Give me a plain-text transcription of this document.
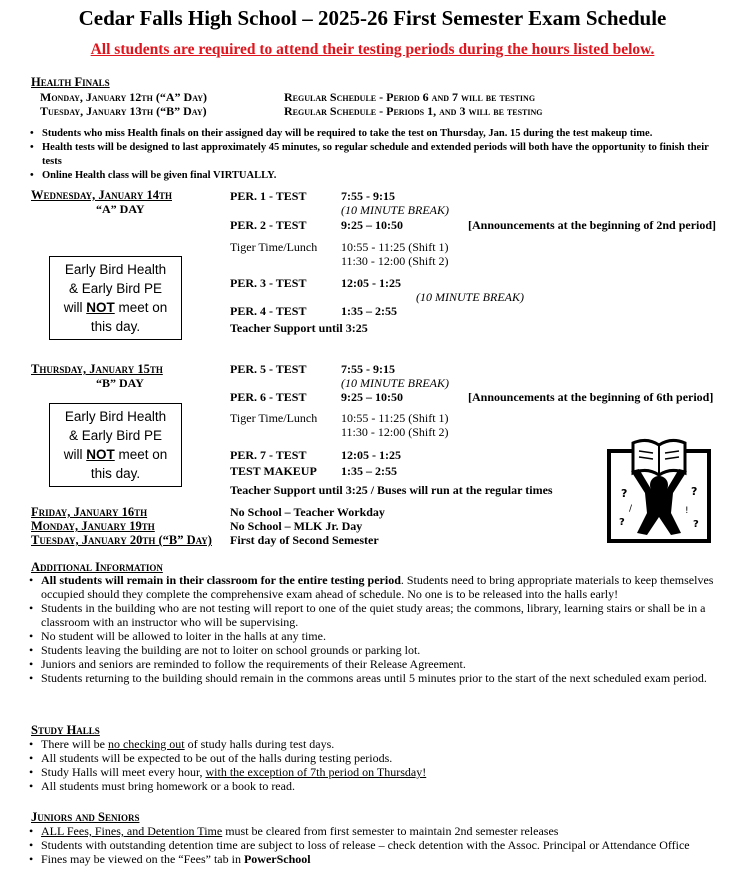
Cedar Falls High School – 2025-26 First Semester Exam Schedule
All students are required to attend their testing periods during the hours listed below.
Health Finals
Monday, January 12th (“A” Day)	Regular Schedule - Period 6 and 7 will be testing
Tuesday, January 13th (“B” Day)	Regular Schedule - Periods 1, and 3 will be testing
• Students who miss Health finals on their assigned day will be required to take the test on Thursday, Jan. 15 during the test makeup time.
• Health tests will be designed to last approximately 45 minutes, so regular schedule and extended periods will both have the opportunity to finish their tests
• Online Health class will be given final VIRTUALLY.
Wednesday, January 14th
“A” DAY
Early Bird Health
& Early Bird PE
will NOT meet on
this day.
PER. 1 - TEST	7:55 - 9:15
(10 MINUTE BREAK)
PER. 2 - TEST	9:25 – 10:50	[Announcements at the beginning of 2nd period]
Tiger Time/Lunch 10:55 - 11:25 (Shift 1)
11:30 - 12:00 (Shift 2)
PER. 3 - TEST	12:05 - 1:25
(10 MINUTE BREAK)
PER. 4 - TEST	1:35 – 2:55
Teacher Support until 3:25
Thursday, January 15th
“B” DAY
Early Bird Health
& Early Bird PE
will NOT meet on
this day.
PER. 5 - TEST	7:55 - 9:15
(10 MINUTE BREAK)
PER. 6 - TEST	9:25 – 10:50	[Announcements at the beginning of 6th period]
Tiger Time/Lunch 10:55 - 11:25 (Shift 1)
11:30 - 12:00 (Shift 2)
PER. 7 - TEST	12:05 - 1:25
TEST MAKEUP 1:35 – 2:55
Teacher Support until 3:25 / Buses will run at the regular times	?	?
?	?
/	!
Friday, January 16th	No School – Teacher Workday
Monday, January 19th	No School – MLK Jr. Day
Tuesday, January 20th (“B” Day) First day of Second Semester
Additional Information
• All students will remain in their classroom for the entire testing period. Students need to bring appropriate materials to keep themselves occupied should they complete the comprehensive exam ahead of schedule. No one is to be released into the halls early!
• Students in the building who are not testing will report to one of the quiet study areas; the commons, library, learning stairs or shall be in a classroom with an instructor who will be supervising.
• No student will be allowed to loiter in the halls at any time.
• Students leaving the building are not to loiter on school grounds or parking lot.
• Juniors and seniors are reminded to follow the requirements of their Release Agreement.
• Students returning to the building should remain in the commons areas until 5 minutes prior to the start of the next scheduled exam period.
Study Halls
• There will be no checking out of study halls during test days.
• All students will be expected to be out of the halls during testing periods.
• Study Halls will meet every hour, with the exception of 7th period on Thursday!
• All students must bring homework or a book to read.
Juniors and Seniors
• ALL Fees, Fines, and Detention Time must be cleared from first semester to maintain 2nd semester releases
• Students with outstanding detention time are subject to loss of release – check detention with the Assoc. Principal or Attendance Office
• Fines may be viewed on the “Fees” tab in PowerSchool
